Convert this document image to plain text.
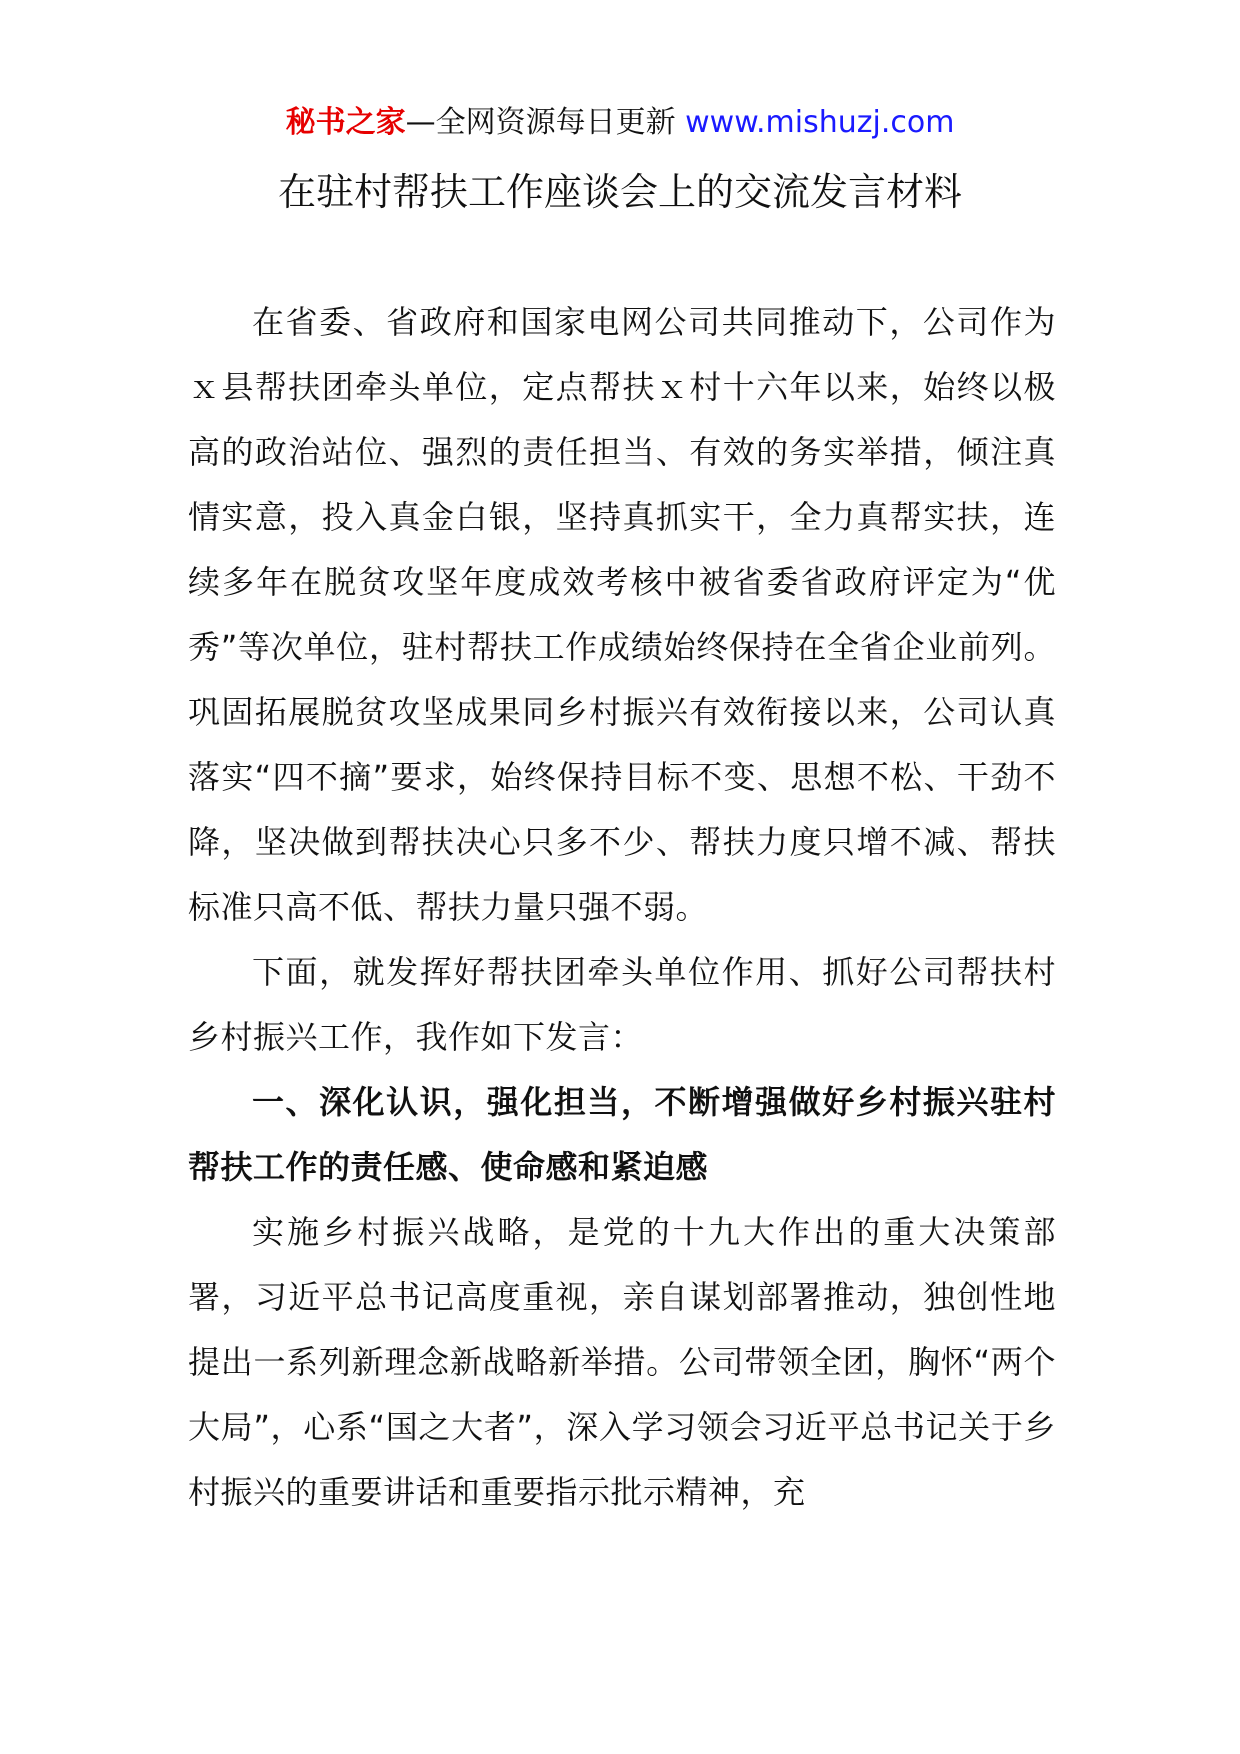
秘书之家—全网资源每日更新 www.mishuzj.com
在驻村帮扶工作座谈会上的交流发言材料

在省委、省政府和国家电网公司共同推动下，公司作为ｘ县帮扶团牵头单位，定点帮扶ｘ村十六年以来，始终以极高的政治站位、强烈的责任担当、有效的务实举措，倾注真情实意，投入真金白银，坚持真抓实干，全力真帮实扶，连续多年在脱贫攻坚年度成效考核中被省委省政府评定为“优秀”等次单位，驻村帮扶工作成绩始终保持在全省企业前列。巩固拓展脱贫攻坚成果同乡村振兴有效衔接以来，公司认真落实“四不摘”要求，始终保持目标不变、思想不松、干劲不降，坚决做到帮扶决心只多不少、帮扶力度只增不减、帮扶标准只高不低、帮扶力量只强不弱。

下面，就发挥好帮扶团牵头单位作用、抓好公司帮扶村乡村振兴工作，我作如下发言：

一、深化认识，强化担当，不断增强做好乡村振兴驻村帮扶工作的责任感、使命感和紧迫感

实施乡村振兴战略，是党的十九大作出的重大决策部署，习近平总书记高度重视，亲自谋划部署推动，独创性地提出一系列新理念新战略新举措。公司带领全团，胸怀“两个大局”，心系“国之大者”，深入学习领会习近平总书记关于乡村振兴的重要讲话和重要指示批示精神，充
